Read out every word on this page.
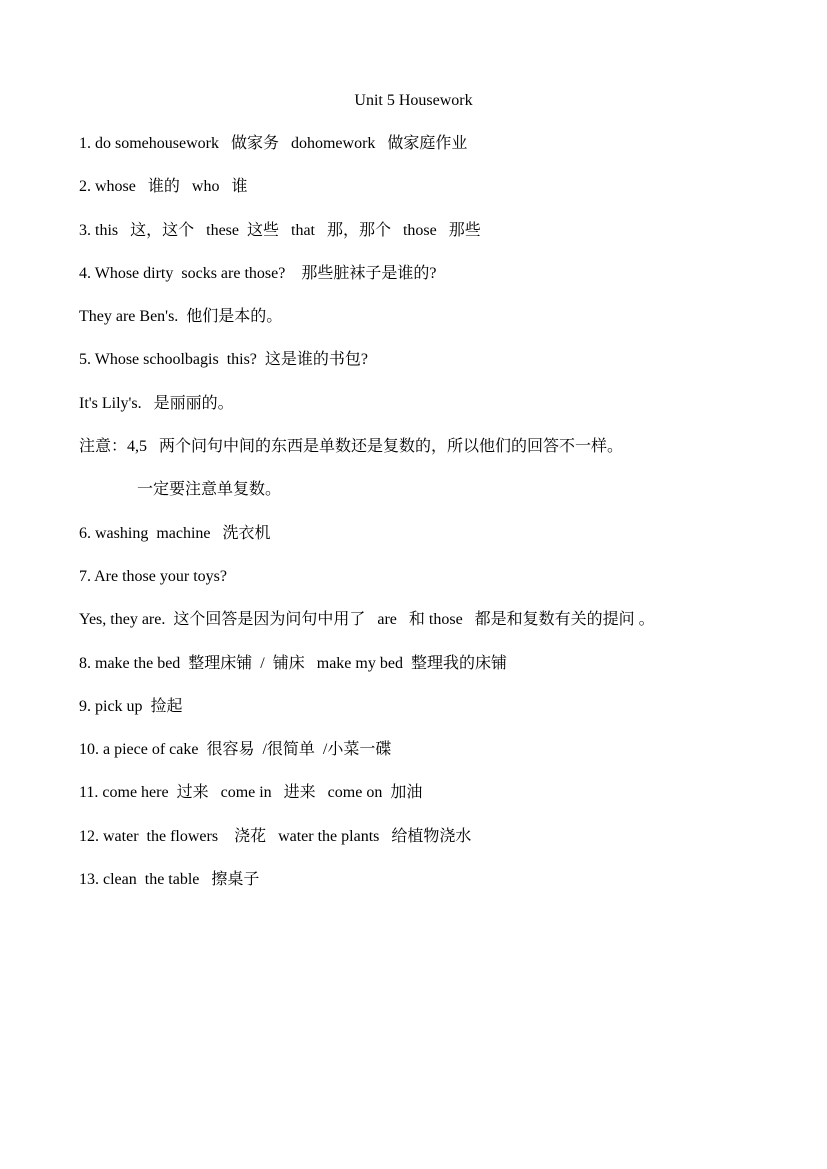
Unit 5 Housework
1. do somehousework   做家务   dohomework   做家庭作业
2. whose   谁的   who   谁
3. this   这，这个   these  这些   that   那，那个   those   那些
4. Whose dirty  socks are those?    那些脏袜子是谁的?
They are Ben's.  他们是本的。
5. Whose schoolbagis  this?  这是谁的书包?
It's Lily's.   是丽丽的。
注意：4,5   两个问句中间的东西是单数还是复数的，所以他们的回答不一样。
一定要注意单复数。
6. washing  machine   洗衣机
7. Are those your toys?
Yes, they are.  这个回答是因为问句中用了   are   和 those   都是和复数有关的提问 。
8. make the bed  整理床铺  /  铺床   make my bed  整理我的床铺
9. pick up  捡起
10. a piece of cake  很容易  /很简单  /小菜一碟
11. come here  过来   come in   进来   come on  加油
12. water  the flowers    浇花   water the plants   给植物浇水
13. clean  the table   擦桌子
